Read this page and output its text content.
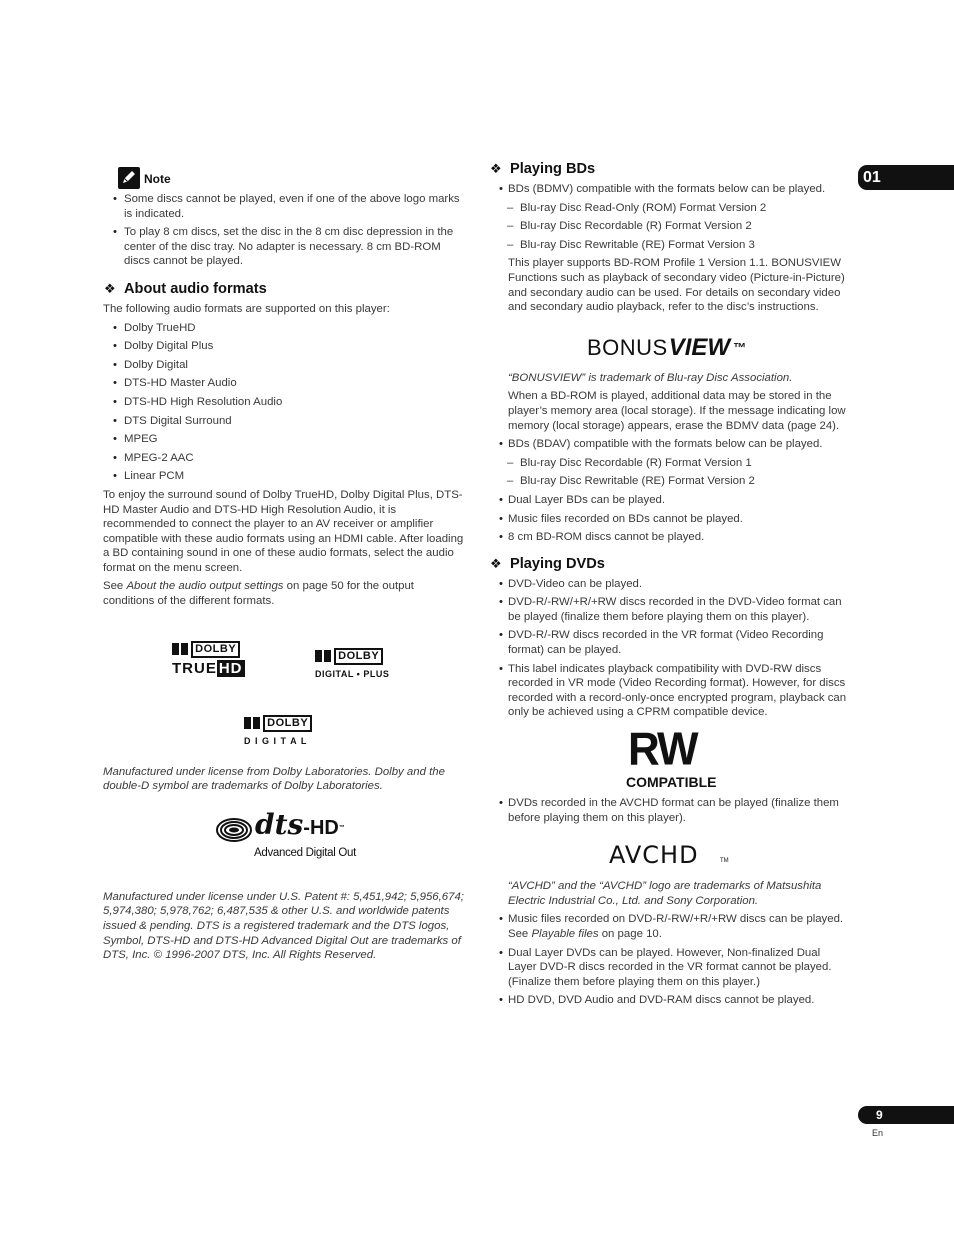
01
Note

• Some discs cannot be played, even if one of the above logo marks is indicated.

• To play 8 cm discs, set the disc in the 8 cm disc depression in the center of the disc tray. No adapter is necessary. 8 cm BD-ROM discs cannot be played.

❖ About audio formats

The following audio formats are supported on this player:

• Dolby TrueHD

• Dolby Digital Plus

• Dolby Digital

• DTS-HD Master Audio

• DTS-HD High Resolution Audio

• DTS Digital Surround

• MPEG

• MPEG-2 AAC

• Linear PCM

To enjoy the surround sound of Dolby TrueHD, Dolby Digital Plus, DTS-HD Master Audio and DTS-HD High Resolution Audio, it is recommended to connect the player to an AV receiver or amplifier compatible with these audio formats using an HDMI cable. After loading a BD containing sound in one of these audio formats, select the audio format on the menu screen.

See About the audio output settings on page 50 for the output conditions of the different formats.

DOLBY
TRUE HD

DOLBY
DIGITAL • PLUS

DOLBY
D I G I T A L

Manufactured under license from Dolby Laboratories. Dolby and the double-D symbol are trademarks of Dolby Laboratories.

dts-HD™
Advanced Digital Out

Manufactured under license under U.S. Patent #: 5,451,942; 5,956,674; 5,974,380; 5,978,762; 6,487,535 & other U.S. and worldwide patents issued & pending. DTS is a registered trademark and the DTS logos, Symbol, DTS-HD and DTS-HD Advanced Digital Out are trademarks of DTS, Inc. © 1996-2007 DTS, Inc. All Rights Reserved.

❖ Playing BDs

• BDs (BDMV) compatible with the formats below can be played.

– Blu-ray Disc Read-Only (ROM) Format Version 2

– Blu-ray Disc Recordable (R) Format Version 2

– Blu-ray Disc Rewritable (RE) Format Version 3

This player supports BD-ROM Profile 1 Version 1.1. BONUSVIEW Functions such as playback of secondary video (Picture-in-Picture) and secondary audio can be used. For details on secondary video and secondary audio playback, refer to the disc’s instructions.

BONUSVIEW ™

“BONUSVIEW” is trademark of Blu-ray Disc Association.

When a BD-ROM is played, additional data may be stored in the player’s memory area (local storage). If the message indicating low memory (local storage) appears, erase the BDMV data (page 24).

• BDs (BDAV) compatible with the formats below can be played.

– Blu-ray Disc Recordable (R) Format Version 1

– Blu-ray Disc Rewritable (RE) Format Version 2

• Dual Layer BDs can be played.

• Music files recorded on BDs cannot be played.

• 8 cm BD-ROM discs cannot be played.

❖ Playing DVDs

• DVD-Video can be played.

• DVD-R/-RW/+R/+RW discs recorded in the DVD-Video format can be played (finalize them before playing them on this player).

• DVD-R/-RW discs recorded in the VR format (Video Recording format) can be played.

• This label indicates playback compatibility with DVD-RW discs recorded in VR mode (Video Recording format). However, for discs recorded with a record-only-once encrypted program, playback can only be achieved using a CPRM compatible device.

RW
COMPATIBLE

• DVDs recorded in the AVCHD format can be played (finalize them before playing them on this player).

AVCHD	TM

“AVCHD” and the “AVCHD” logo are trademarks of Matsushita Electric Industrial Co., Ltd. and Sony Corporation.

• Music files recorded on DVD-R/-RW/+R/+RW discs can be played. See Playable files on page 10.

• Dual Layer DVDs can be played. However, Non-finalized Dual Layer DVD-R discs recorded in the VR format cannot be played. (Finalize them before playing them on this player.)

• HD DVD, DVD Audio and DVD-RAM discs cannot be played.

9
En
